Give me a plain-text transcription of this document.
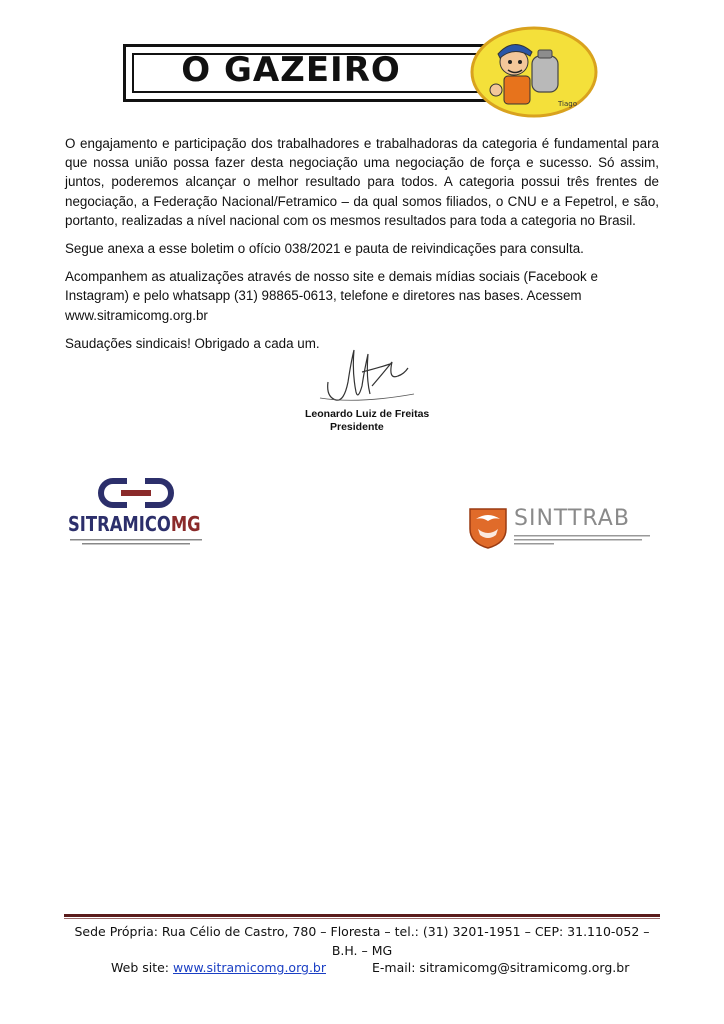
O GAZEIRO
Tiago

O engajamento e participação dos trabalhadores e trabalhadoras da categoria é fundamental para que nossa união possa fazer desta negociação uma negociação de força e sucesso. Só assim, juntos, poderemos alcançar o melhor resultado para todos. A categoria possui três frentes de negociação, a Federação Nacional/Fetramico – da qual somos filiados, o CNU e a Fepetrol, e são, portanto, realizadas a nível nacional com os mesmos resultados para toda a categoria no Brasil.

Segue anexa a esse boletim o ofício 038/2021 e pauta de reivindicações para consulta.

Acompanhem as atualizações através de nosso site e demais mídias sociais (Facebook e Instagram) e pelo whatsapp (31) 98865-0613, telefone e diretores nas bases. Acessem www.sitramicomg.org.br

Saudações sindicais! Obrigado a cada um.

Leonardo Luiz de Freitas
Presidente
SITRAMICOMG	SINTTRAB
Sede Própria: Rua Célio de Castro, 780 – Floresta – tel.: (31) 3201-1951 – CEP: 31.110-052 – B.H. – MG
Web site: www.sitramicomg.org.br	E-mail: sitramicomg@sitramicomg.org.br
